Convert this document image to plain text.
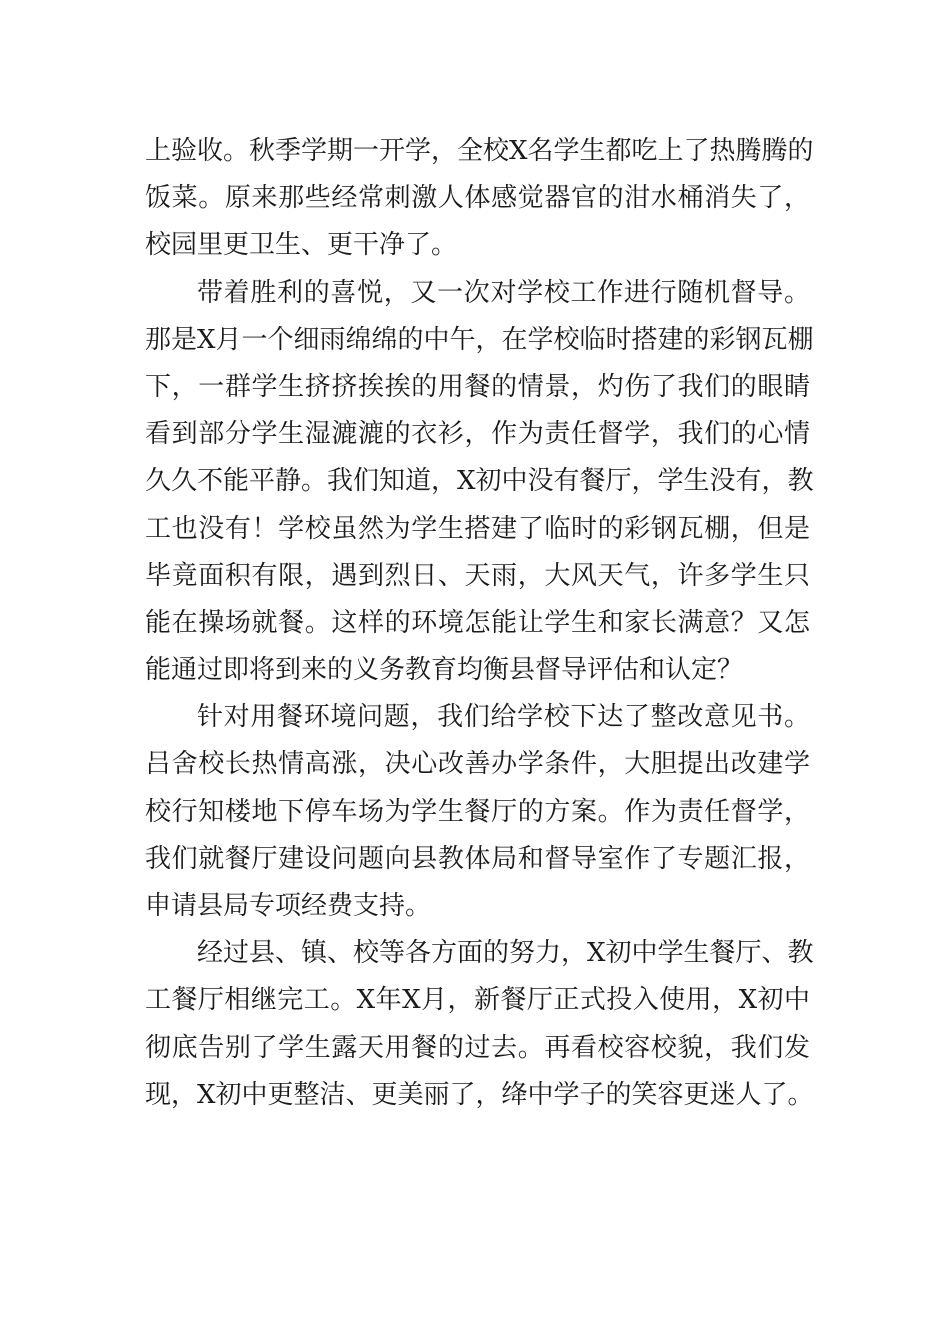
上验收。秋季学期一开学，全校X名学生都吃上了热腾腾的
饭菜。原来那些经常刺激人体感觉器官的泔水桶消失了，
校园里更卫生、更干净了。
带着胜利的喜悦，又一次对学校工作进行随机督导。
那是X月一个细雨绵绵的中午，在学校临时搭建的彩钢瓦棚
下，一群学生挤挤挨挨的用餐的情景，灼伤了我们的眼睛
看到部分学生湿漉漉的衣衫，作为责任督学，我们的心情
久久不能平静。我们知道，X初中没有餐厅，学生没有，教
工也没有！学校虽然为学生搭建了临时的彩钢瓦棚，但是
毕竟面积有限，遇到烈日、天雨，大风天气，许多学生只
能在操场就餐。这样的环境怎能让学生和家长满意？又怎
能通过即将到来的义务教育均衡县督导评估和认定？
针对用餐环境问题，我们给学校下达了整改意见书。
吕舍校长热情高涨，决心改善办学条件，大胆提出改建学
校行知楼地下停车场为学生餐厅的方案。作为责任督学，
我们就餐厅建设问题向县教体局和督导室作了专题汇报，
申请县局专项经费支持。
经过县、镇、校等各方面的努力，X初中学生餐厅、教
工餐厅相继完工。X年X月，新餐厅正式投入使用，X初中
彻底告别了学生露天用餐的过去。再看校容校貌，我们发
现，X初中更整洁、更美丽了，绛中学子的笑容更迷人了。
